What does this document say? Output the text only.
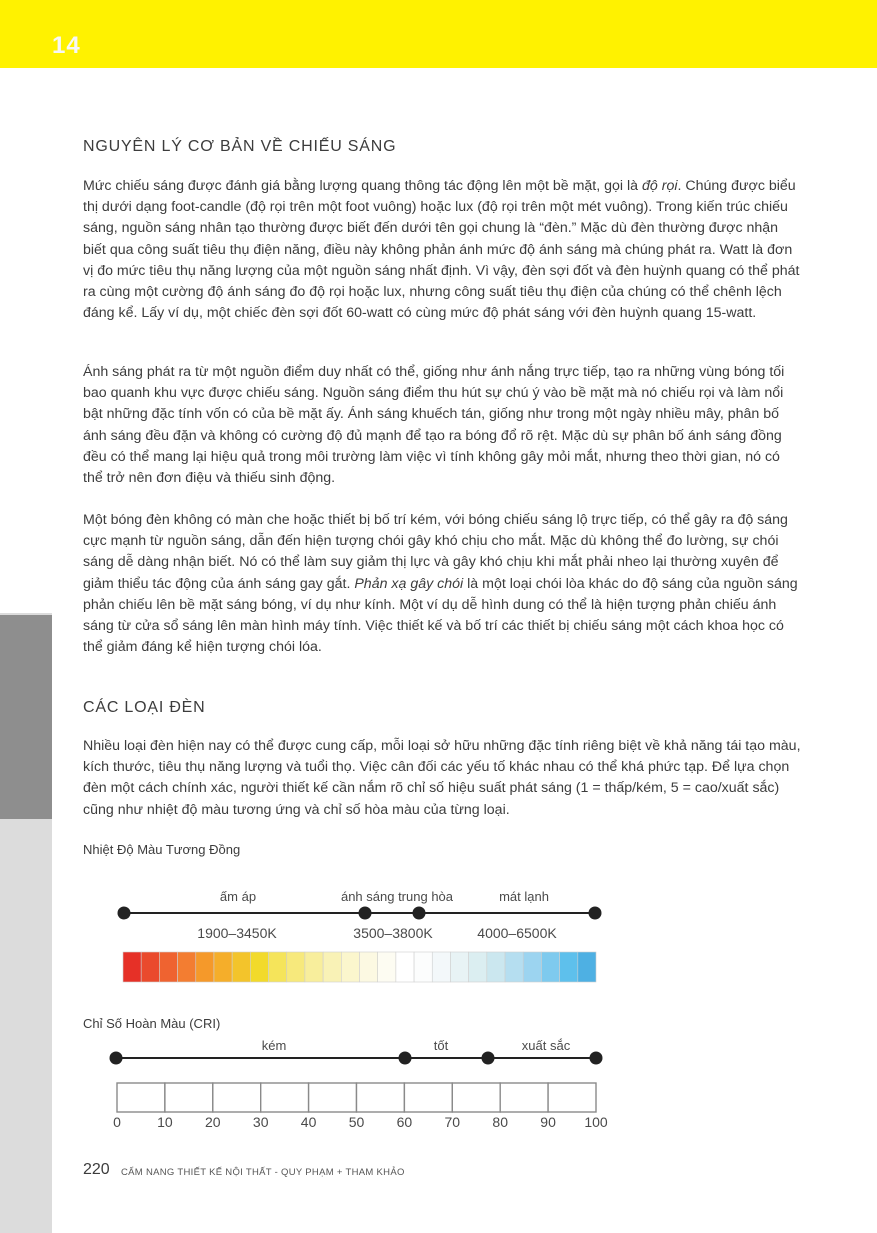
14
NGUYÊN LÝ CƠ BẢN VỀ CHIẾU SÁNG

Mức chiếu sáng được đánh giá bằng lượng quang thông tác động lên một bề mặt, gọi là độ rọi. Chúng được biểu thị dưới dạng foot-candle (độ rọi trên một foot vuông) hoặc lux (độ rọi trên một mét vuông). Trong kiến trúc chiếu sáng, nguồn sáng nhân tạo thường được biết đến dưới tên gọi chung là “đèn.” Mặc dù đèn thường được nhận biết qua công suất tiêu thụ điện năng, điều này không phản ánh mức độ ánh sáng mà chúng phát ra. Watt là đơn vị đo mức tiêu thụ năng lượng của một nguồn sáng nhất định. Vì vậy, đèn sợi đốt và đèn huỳnh quang có thể phát ra cùng một cường độ ánh sáng đo độ rọi hoặc lux, nhưng công suất tiêu thụ điện của chúng có thể chênh lệch đáng kể. Lấy ví dụ, một chiếc đèn sợi đốt 60-watt có cùng mức độ phát sáng với đèn huỳnh quang 15-watt.

Ánh sáng phát ra từ một nguồn điểm duy nhất có thể, giống như ánh nắng trực tiếp, tạo ra những vùng bóng tối bao quanh khu vực được chiếu sáng. Nguồn sáng điểm thu hút sự chú ý vào bề mặt mà nó chiếu rọi và làm nổi bật những đặc tính vốn có của bề mặt ấy. Ánh sáng khuếch tán, giống như trong một ngày nhiều mây, phân bố ánh sáng đều đặn và không có cường độ đủ mạnh để tạo ra bóng đổ rõ rệt. Mặc dù sự phân bố ánh sáng đồng đều có thể mang lại hiệu quả trong môi trường làm việc vì tính không gây mỏi mắt, nhưng theo thời gian, nó có thể trở nên đơn điệu và thiếu sinh động.

Một bóng đèn không có màn che hoặc thiết bị bố trí kém, với bóng chiếu sáng lộ trực tiếp, có thể gây ra độ sáng cực mạnh từ nguồn sáng, dẫn đến hiện tượng chói gây khó chịu cho mắt. Mặc dù không thể đo lường, sự chói sáng dễ dàng nhận biết. Nó có thể làm suy giảm thị lực và gây khó chịu khi mắt phải nheo lại thường xuyên để giảm thiểu tác động của ánh sáng gay gắt. Phản xạ gây chói là một loại chói lòa khác do độ sáng của nguồn sáng phản chiếu lên bề mặt sáng bóng, ví dụ như kính. Một ví dụ dễ hình dung có thể là hiện tượng phản chiếu ánh sáng từ cửa sổ sáng lên màn hình máy tính. Việc thiết kế và bố trí các thiết bị chiếu sáng một cách khoa học có thể giảm đáng kể hiện tượng chói lóa.

CÁC LOẠI ĐÈN

Nhiều loại đèn hiện nay có thể được cung cấp, mỗi loại sở hữu những đặc tính riêng biệt về khả năng tái tạo màu, kích thước, tiêu thụ năng lượng và tuổi thọ. Việc cân đối các yếu tố khác nhau có thể khá phức tạp. Để lựa chọn đèn một cách chính xác, người thiết kế cần nắm rõ chỉ số hiệu suất phát sáng (1 = thấp/kém, 5 = cao/xuất sắc) cũng như nhiệt độ màu tương ứng và chỉ số hòa màu của từng loại.

Nhiệt Độ Màu Tương Đồng
Chỉ Số Hoàn Màu (CRI)
ấm áp	ánh sáng trung hòa	mát lạnh
1900–3450K	3500–3800K	4000–6500K
kém	tốt	xuất sắc
0	10 20 30 40 50 60 70 80 90 100
220 CẨM NANG THIẾT KẾ NỘI THẤT - QUY PHẠM + THAM KHẢO
